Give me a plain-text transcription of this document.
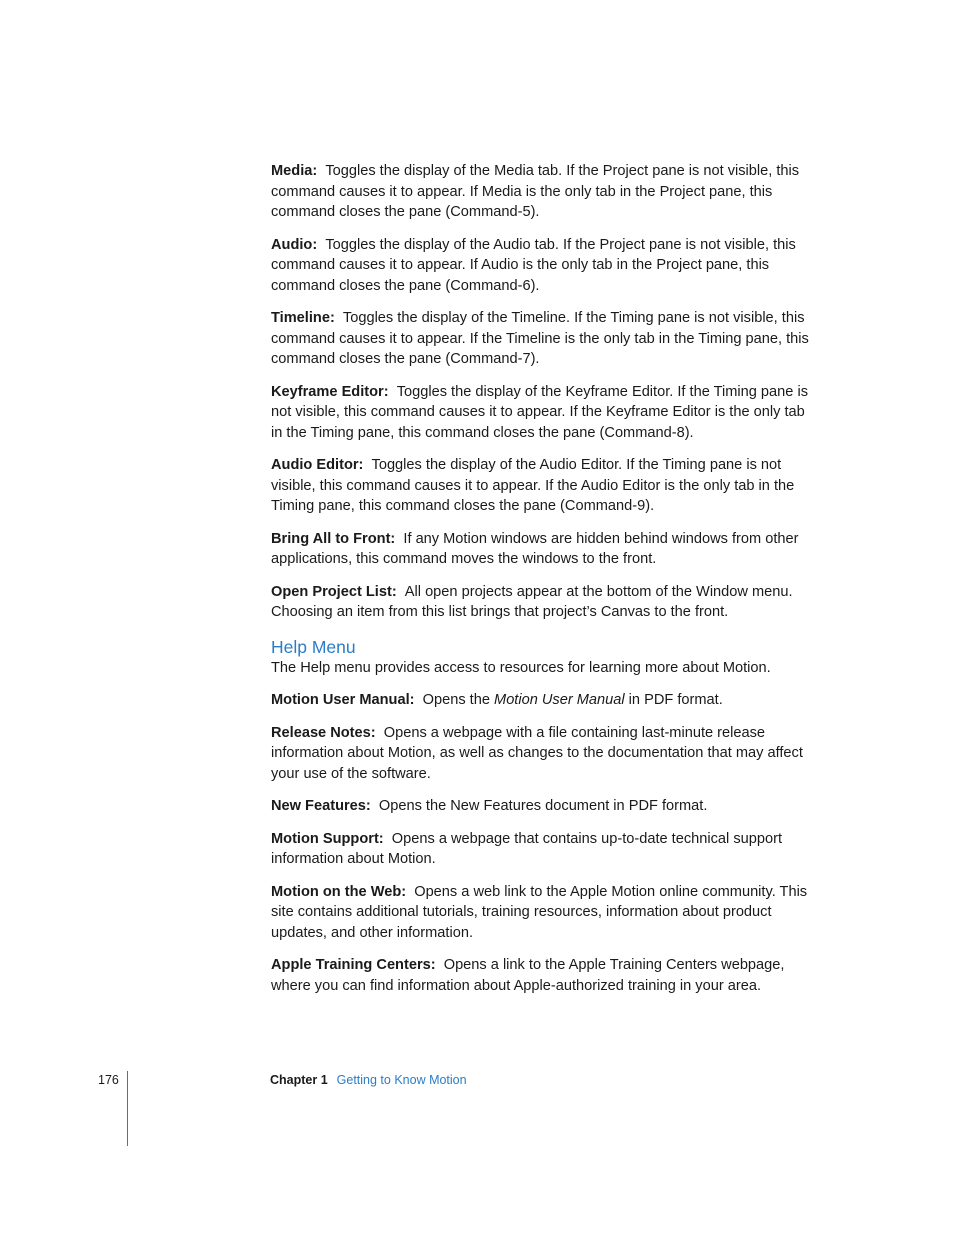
Media: Toggles the display of the Media tab. If the Project pane is not visible, this command causes it to appear. If Media is the only tab in the Project pane, this command closes the pane (Command-5).

Audio: Toggles the display of the Audio tab. If the Project pane is not visible, this command causes it to appear. If Audio is the only tab in the Project pane, this command closes the pane (Command-6).

Timeline: Toggles the display of the Timeline. If the Timing pane is not visible, this command causes it to appear. If the Timeline is the only tab in the Timing pane, this command closes the pane (Command-7).

Keyframe Editor: Toggles the display of the Keyframe Editor. If the Timing pane is not visible, this command causes it to appear. If the Keyframe Editor is the only tab in the Timing pane, this command closes the pane (Command-8).

Audio Editor: Toggles the display of the Audio Editor. If the Timing pane is not visible, this command causes it to appear. If the Audio Editor is the only tab in the Timing pane, this command closes the pane (Command-9).

Bring All to Front: If any Motion windows are hidden behind windows from other applications, this command moves the windows to the front.

Open Project List: All open projects appear at the bottom of the Window menu. Choosing an item from this list brings that project’s Canvas to the front.

Help Menu

The Help menu provides access to resources for learning more about Motion.

Motion User Manual: Opens the Motion User Manual in PDF format.

Release Notes: Opens a webpage with a file containing last-minute release information about Motion, as well as changes to the documentation that may affect your use of the software.

New Features: Opens the New Features document in PDF format.

Motion Support: Opens a webpage that contains up-to-date technical support information about Motion.

Motion on the Web: Opens a web link to the Apple Motion online community. This site contains additional tutorials, training resources, information about product updates, and other information.

Apple Training Centers: Opens a link to the Apple Training Centers webpage, where you can find information about Apple-authorized training in your area.

176	Chapter 1 Getting to Know Motion
